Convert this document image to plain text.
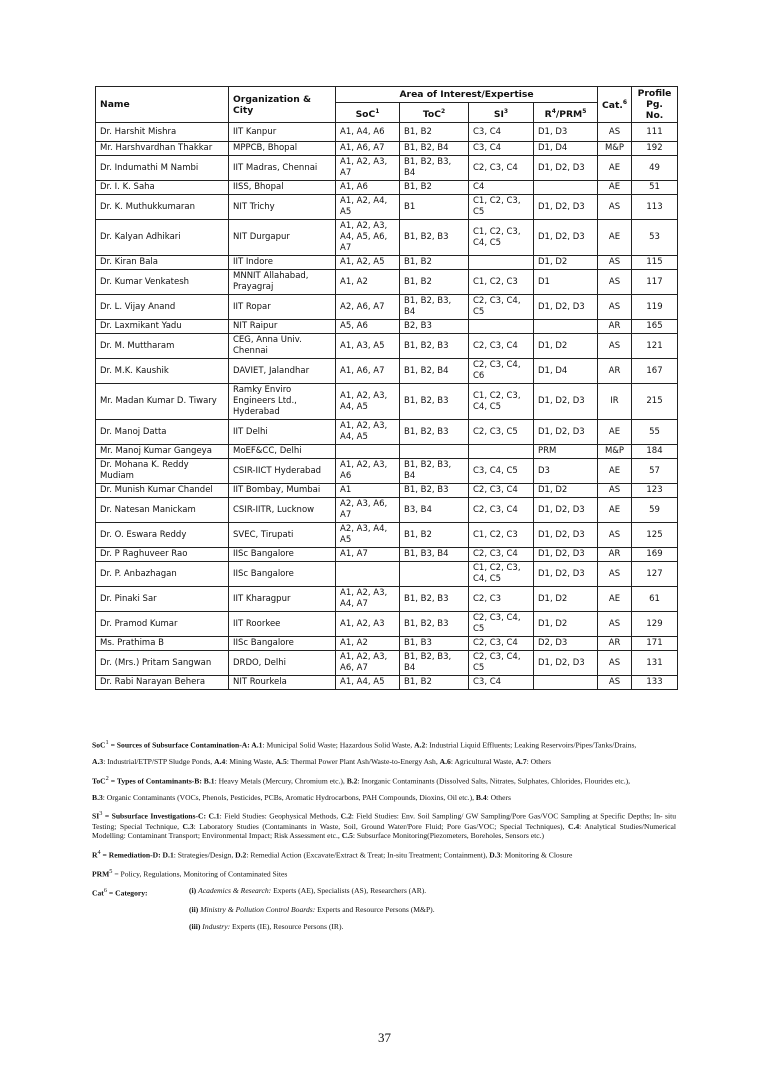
Name	Organization & City	Area of Interest/Expertise				Cat.$^6$	Profile
Pg. No.
		SoC$^1$	ToC$^2$	$SI^3$	$R^4/PRM^5$
Dr. Harshit Mishra	IIT Kanpur	A1, A4, A6	B1, B2	C3, C4	D1, D3	AS	111
Mr. Harshvardhan Thakkar	MPPCB, Bhopal	A1, A6, A7	B1, B2, B4	C3, C4	D1, D4	M&P	192
Dr. Indumathi M Nambi	IIT Madras, Chennai	A1, A2, A3, A7	B1, B2, B3, B4	C2, C3, C4	D1, D2, D3	AE	49
Dr. I. K. Saha	IISS, Bhopal	A1, A6	B1, B2	C4		AE	51
Dr. K. Muthukkumaran	NIT Trichy	A1, A2, A4, A5	B1	C1, C2, C3, C5	D1, D2, D3	AS	113
Dr. Kalyan Adhikari	NIT Durgapur	A1, A2, A3, A4, A5, A6, A7	B1, B2, B3	C1, C2, C3, C4, C5	D1, D2, D3	AE	53
Dr. Kiran Bala	IIT Indore	A1, A2, A5	B1, B2		D1, D2	AS	115
Dr. Kumar Venkatesh	MNNIT Allahabad, Prayagraj	A1, A2	B1, B2	C1, C2, C3	D1	AS	117
Dr. L. Vijay Anand	IIT Ropar	A2, A6, A7	B1, B2, B3, B4	C2, C3, C4, C5	D1, D2, D3	AS	119
Dr. Laxmikant Yadu	NIT Raipur	A5, A6	B2, B3			AR	165
Dr. M. Muttharam	CEG, Anna Univ. Chennai	A1, A3, A5	B1, B2, B3	C2, C3, C4	D1, D2	AS	121
Dr. M.K. Kaushik	DAVIET, Jalandhar	A1, A6, A7	B1, B2, B4	C2, C3, C4, C6	D1, D4	AR	167
Mr. Madan Kumar D. Tiwary	Ramky Enviro Engineers Ltd., Hyderabad	A1, A2, A3, A4, A5	B1, B2, B3	C1, C2, C3, C4, C5	D1, D2, D3	IR	215
Dr. Manoj Datta	IIT Delhi	A1, A2, A3, A4, A5	B1, B2, B3	C2, C3, C5	D1, D2, D3	AE	55
Mr. Manoj Kumar Gangeya	MoEF&CC, Delhi				PRM	M&P	184
Dr. Mohana K. Reddy Mudiam	CSIR-IICT Hyderabad	A1, A2, A3, A6	B1, B2, B3, B4	C3, C4, C5	D3	AE	57
Dr. Munish Kumar Chandel	IIT Bombay, Mumbai	A1	B1, B2, B3	C2, C3, C4	D1, D2	AS	123
Dr. Natesan Manickam	CSIR-IITR, Lucknow	A2, A3, A6, A7	B3, B4	C2, C3, C4	D1, D2, D3	AE	59
Dr. O. Eswara Reddy	SVEC, Tirupati	A2, A3, A4, A5	B1, B2	C1, C2, C3	D1, D2, D3	AS	125
Dr. P Raghuveer Rao	IISc Bangalore	A1, A7	B1, B3, B4	C2, C3, C4	D1, D2, D3	AR	169
Dr. P. Anbazhagan	IISc Bangalore			C1, C2, C3, C4, C5	D1, D2, D3	AS	127
Dr. Pinaki Sar	IIT Kharagpur	A1, A2, A3, A4, A7	B1, B2, B3	C2, C3	D1, D2	AE	61
Dr. Pramod Kumar	IIT Roorkee	A1, A2, A3	B1, B2, B3	C2, C3, C4, C5	D1, D2	AS	129
Ms. Prathima B	IISc Bangalore	A1, A2	B1, B3	C2, C3, C4	D2, D3	AR	171
Dr. (Mrs.) Pritam Sangwan	DRDO, Delhi	A1, A2, A3, A6, A7	B1, B2, B3, B4	C2, C3, C4, C5	D1, D2, D3	AS	131
Dr. Rabi Narayan Behera	NIT Rourkela	A1, A4, A5	B1, B2	C3, C4		AS	133

SoC$^1$ = Sources of Subsurface Contamination-A: A.1: Municipal Solid Waste; Hazardous Solid Waste, A.2: Industrial Liquid Effluents; Leaking Reservoirs/Pipes/Tanks/Drains,

A.3: Industrial/ETP/STP Sludge Ponds, A.4: Mining Waste, A.5: Thermal Power Plant Ash/Waste-to-Energy Ash, A.6: Agricultural Waste, A.7: Others

ToC$^2$ = Types of Contaminants-B: B.1: Heavy Metals (Mercury, Chromium etc.), B.2: Inorganic Contaminants (Dissolved Salts, Nitrates, Sulphates, Chlorides, Flourides etc.),

B.3: Organic Contaminants (VOCs, Phenols, Pesticides, PCBs, Aromatic Hydrocarbons, PAH Compounds, Dioxins, Oil etc.), B.4: Others

$SI^3$ = Subsurface Investigations-C: C.1: Field Studies: Geophysical Methods, C.2: Field Studies: Env. Soil Sampling/ GW Sampling/Pore Gas/VOC Sampling at Specific Depths; In- situ Testing; Special Technique, C.3: Laboratory Studies (Contaminants in Waste, Soil, Ground Water/Pore Fluid; Pore Gas/VOC; Special Techniques), C.4: Analytical Studies/Numerical Modelling: Contaminant Transport; Environmental Impact; Risk Assessment etc., C.5: Subsurface Monitoring(Piezometers, Boreholes, Sensors etc.)

$R^4$ = Remediation-D: D.1: Strategies/Design, D.2: Remedial Action (Excavate/Extract & Treat; In-situ Treatment; Containment), D.3: Monitoring & Closure

$PRM^5$ = Policy, Regulations, Monitoring of Contaminated Sites

Cat$^6$ = Category:	(i) Academics & Research: Experts (AE), Specialists (AS), Researchers (AR).

(ii) Ministry & Pollution Control Boards: Experts and Resource Persons (M&P).

(iii) Industry: Experts (IE), Resource Persons (IR).

37
